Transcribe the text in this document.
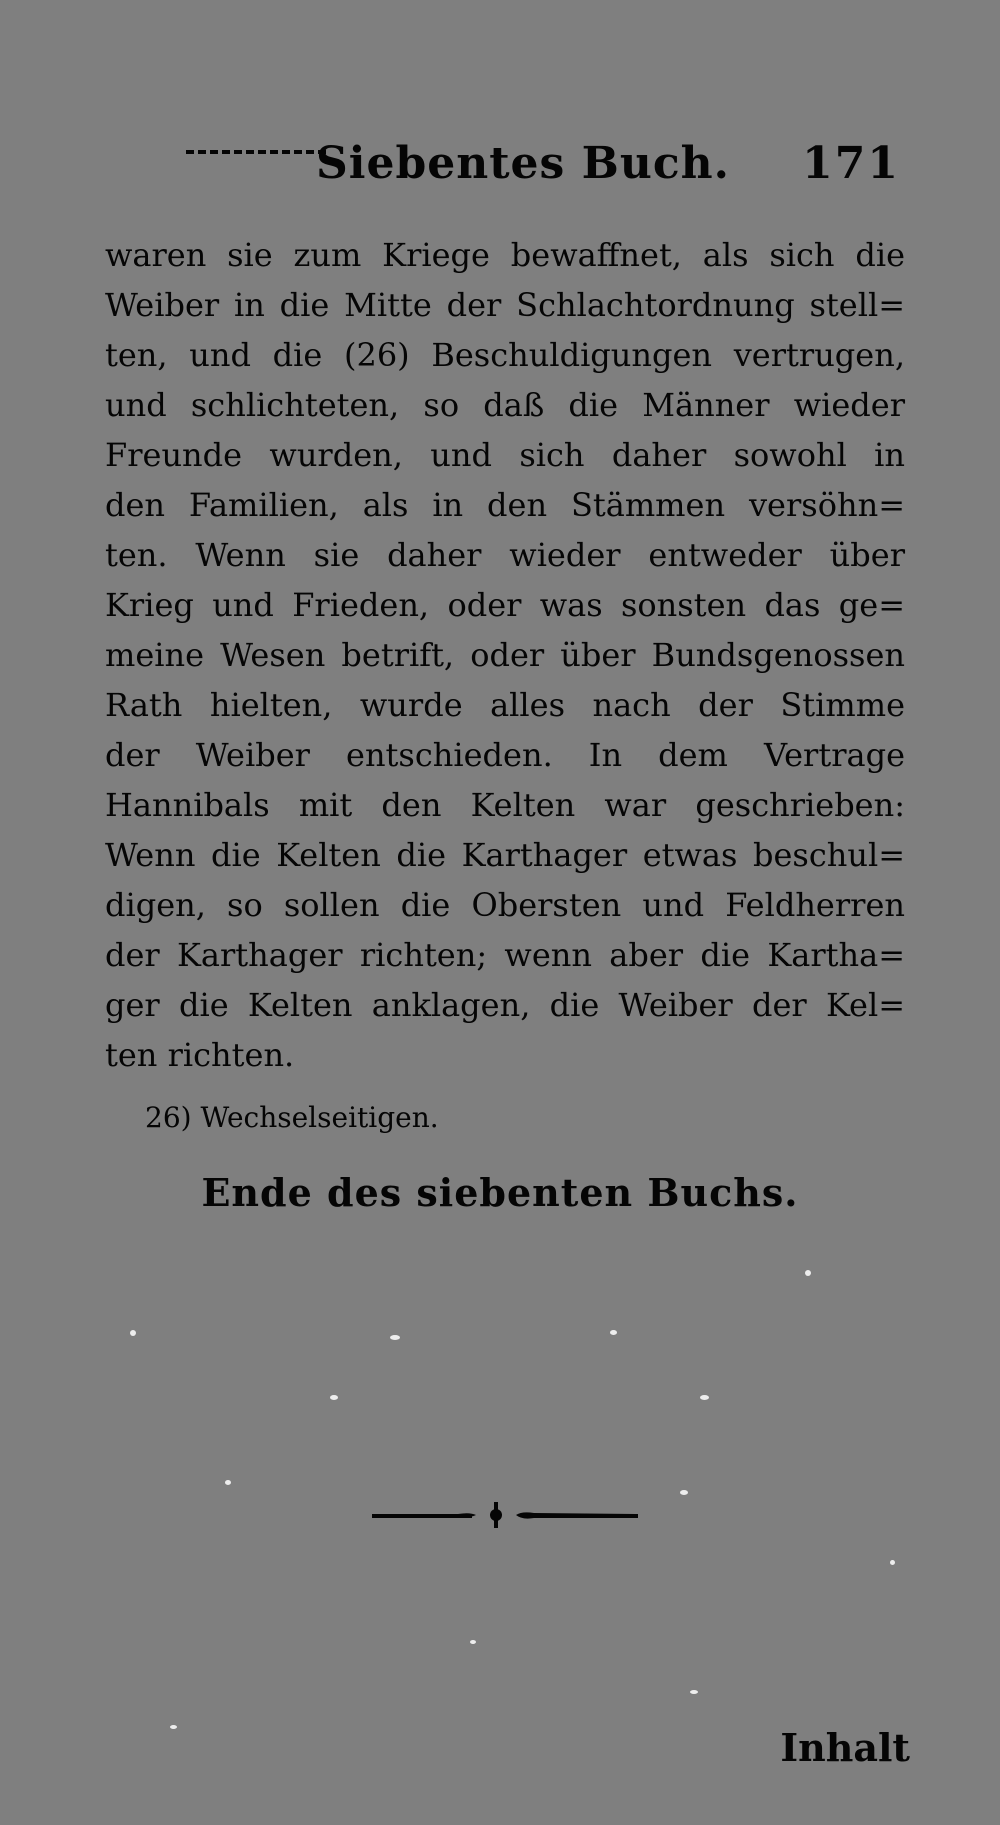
Siebentes Buch. 171
waren sie zum Kriege bewaffnet, als sich die
Weiber in die Mitte der Schlachtordnung stell=
ten, und die (26) Beschuldigungen vertrugen,
und schlichteten, so daß die Männer wieder
Freunde wurden, und sich daher sowohl in
den Familien, als in den Stämmen versöhn=
ten. Wenn sie daher wieder entweder über
Krieg und Frieden, oder was sonsten das ge=
meine Wesen betrift, oder über Bundsgenossen
Rath hielten, wurde alles nach der Stimme
der Weiber entschieden. In dem Vertrage
Hannibals mit den Kelten war geschrieben:
Wenn die Kelten die Karthager etwas beschul=
digen, so sollen die Obersten und Feldherren
der Karthager richten; wenn aber die Kartha=
ger die Kelten anklagen, die Weiber der Kel=
ten richten.
26) Wechselseitigen.
Ende des siebenten Buchs.
Inhalt
